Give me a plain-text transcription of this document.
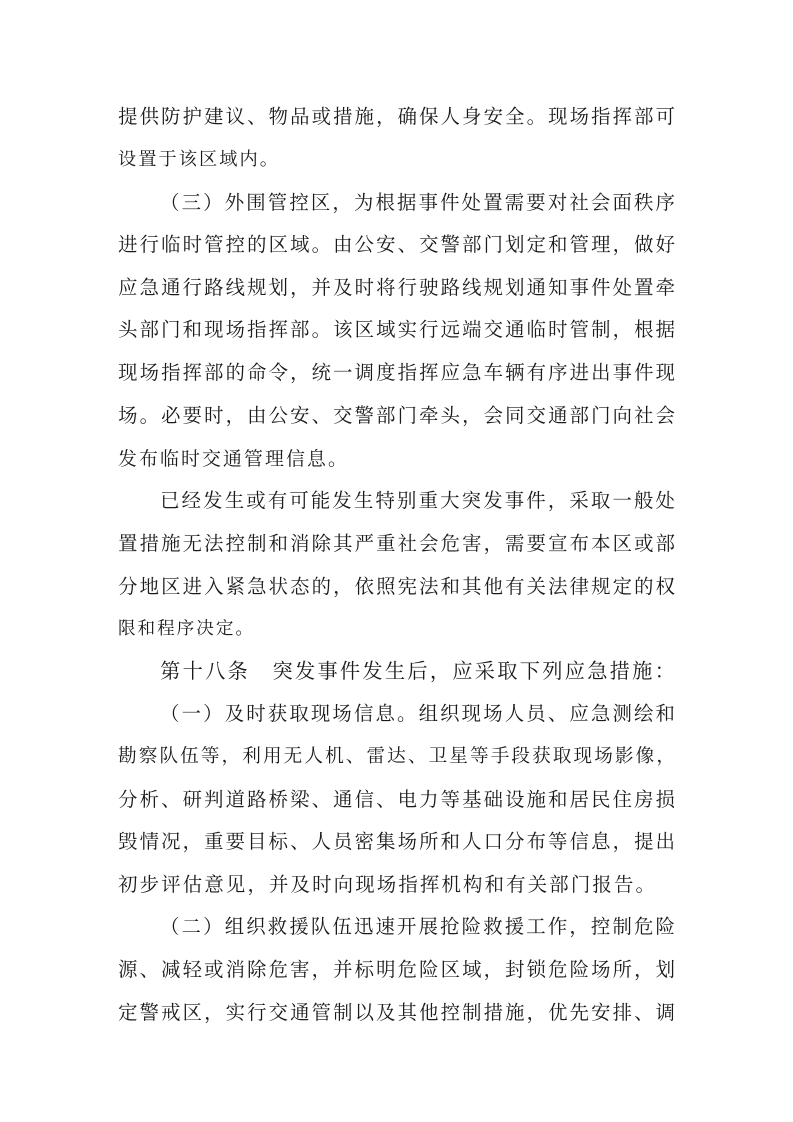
提 供 防 护 建 议 、 物 品 或 措 施 ， 确 保 人 身 安 全 。 现 场 指 挥 部 可
设 置 于 该 区 域 内 。
（ 三 ） 外 围 管 控 区 ， 为 根 据 事 件 处 置 需 要 对 社 会 面 秩 序
进 行 临 时 管 控 的 区 域 。 由 公 安 、 交 警 部 门 划 定 和 管 理 ， 做 好
应 急 通 行 路 线 规 划 ， 并 及 时 将 行 驶 路 线 规 划 通 知 事 件 处 置 牵
头 部 门 和 现 场 指 挥 部 。 该 区 域 实 行 远 端 交 通 临 时 管 制 ， 根 据
现 场 指 挥 部 的 命 令 ， 统 一 调 度 指 挥 应 急 车 辆 有 序 进 出 事 件 现
场 。 必 要 时 ， 由 公 安 、 交 警 部 门 牵 头 ， 会 同 交 通 部 门 向 社 会
发 布 临 时 交 通 管 理 信 息 。
已 经 发 生 或 有 可 能 发 生 特 别 重 大 突 发 事 件 ， 采 取 一 般 处
置 措 施 无 法 控 制 和 消 除 其 严 重 社 会 危 害 ， 需 要 宣 布 本 区 或 部
分 地 区 进 入 紧 急 状 态 的 ， 依 照 宪 法 和 其 他 有 关 法 律 规 定 的 权
限 和 程 序 决 定 。
第 十 八 条
　 突 发 事 件 发 生 后 ， 应 采 取 下 列 应 急 措 施 ：
（ 一 ） 及 时 获 取 现 场 信 息 。 组 织 现 场 人 员 、 应 急 测 绘 和
勘 察 队 伍 等 ， 利 用 无 人 机 、 雷 达 、 卫 星 等 手 段 获 取 现 场 影 像 ，
分 析 、 研 判 道 路 桥 梁 、 通 信 、 电 力 等 基 础 设 施 和 居 民 住 房 损
毁 情 况 ， 重 要 目 标 、 人 员 密 集 场 所 和 人 口 分 布 等 信 息 ， 提 出
初 步 评 估 意 见 ， 并 及 时 向 现 场 指 挥 机 构 和 有 关 部 门 报 告 。
（ 二 ） 组 织 救 援 队 伍 迅 速 开 展 抢 险 救 援 工 作 ， 控 制 危 险
源 、 减 轻 或 消 除 危 害 ， 并 标 明 危 险 区 域 ， 封 锁 危 险 场 所 ， 划
定 警 戒 区 ， 实 行 交 通 管 制 以 及 其 他 控 制 措 施 ， 优 先 安 排 、 调
